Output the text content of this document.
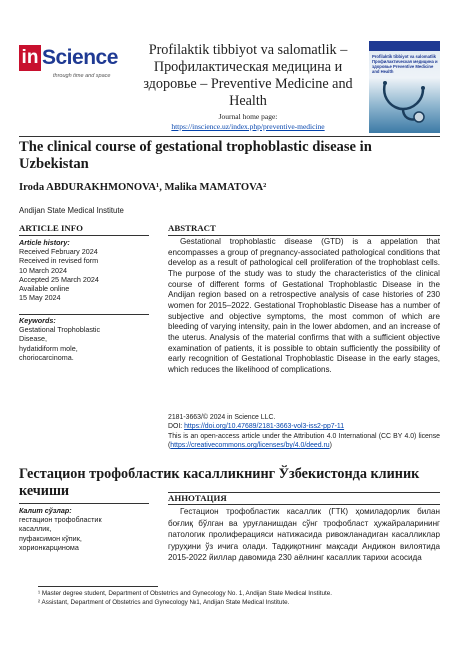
in Science
through time and space
Profilaktik tibbiyot va salomatlik – Профилактическая медицина и здоровье – Preventive Medicine and Health
Journal home page:
https://inscience.uz/index.php/preventive-medicine
Profilaktik tibbiyot va salomatlik Профилактическая медицина и здоровье Preventive Medicine and Health
The clinical course of gestational trophoblastic disease in Uzbekistan
Iroda ABDURAKHMONOVA¹, Malika MAMATOVA²
Andijan State Medical Institute
ARTICLE INFO
Article history:
Received February 2024
Received in revised form
10 March 2024
Accepted 25 March 2024
Available online
15 May 2024
Keywords:
Gestational Trophoblastic
Disease,
hydatidiform mole,
choriocarcinoma.
ABSTRACT
Gestational trophoblastic disease (GTD) is a appelation that encompasses a group of pregnancy-associated pathological conditions that develop as a result of pathological cell proliferation of the trophoblast cells. The purpose of the study was to study the characteristics of the clinical course of different forms of Gestational Trophoblastic Disease in the Andijan region based on a retrospective analysis of case histories of 230 women for 2015–2022. Gestational Trophoblastic Disease has a number of subjective and objective symptoms, the most common of which are bleeding of varying intensity, pain in the lower abdomen, and an increase of the uterus. Analysis of the material confirms that with a sufficient objective examination of patients, it is possible to obtain sufficiently the possibility of early recognition of Gestational Trophoblastic Disease in the early stages, which reduces the likelihood of complications.
2181-3663/© 2024 in Science LLC.
DOI: https://doi.org/10.47689/2181-3663-vol3-iss2-pp7-11
This is an open-access article under the Attribution 4.0 International (CC BY 4.0) license (https://creativecommons.org/licenses/by/4.0/deed.ru)
Гестацион трофобластик касалликнинг Ўзбекистонда клиник кечиши
Калит сўзлар:
гестацион трофобластик
касаллик,
пуфаксимон кўпик,
хорионкарцинома
АННОТАЦИЯ
Гестацион трофобластик касаллик (ГТК) ҳомиладорлик билан боғлиқ бўлган ва уруғланишдан сўнг трофобласт ҳужайраларининг патологик пролиферацияси натижасида ривожланадиган касалликлар гуруҳини ўз ичига олади. Тадқиқотнинг мақсади Андижон вилоятида 2015-2022 йиллар давомида 230 аёлнинг касаллик тарихи асосида
¹ Master degree student, Department of Obstetrics and Gynecology No. 1, Andijan State Medical Institute.
² Assistant, Department of Obstetrics and Gynecology №1, Andijan State Medical Institute.
